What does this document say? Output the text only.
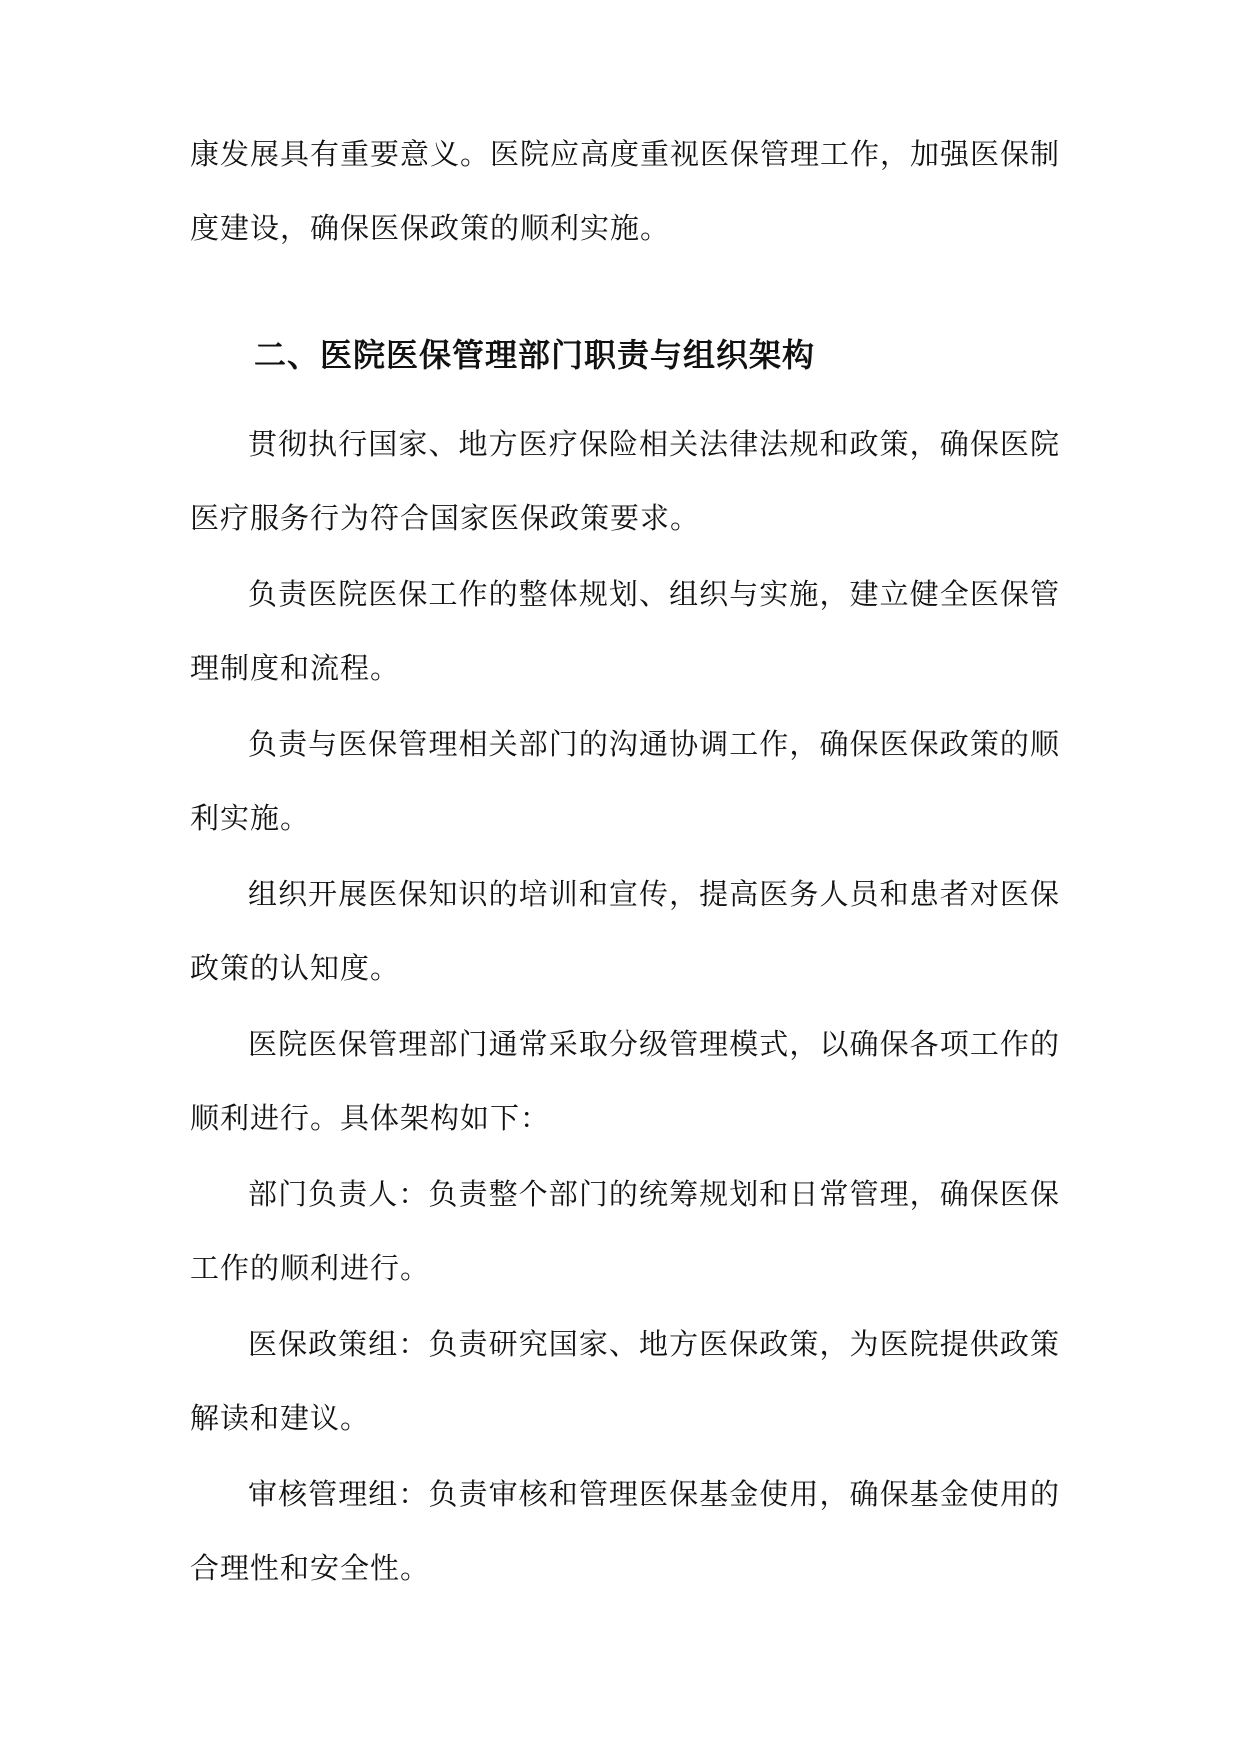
康发展具有重要意义。医院应高度重视医保管理工作，加强医保制度建设，确保医保政策的顺利实施。

二、医院医保管理部门职责与组织架构

贯彻执行国家、地方医疗保险相关法律法规和政策，确保医院医疗服务行为符合国家医保政策要求。

负责医院医保工作的整体规划、组织与实施，建立健全医保管理制度和流程。

负责与医保管理相关部门的沟通协调工作，确保医保政策的顺利实施。

组织开展医保知识的培训和宣传，提高医务人员和患者对医保政策的认知度。

医院医保管理部门通常采取分级管理模式，以确保各项工作的顺利进行。具体架构如下：

部门负责人：负责整个部门的统筹规划和日常管理，确保医保工作的顺利进行。

医保政策组：负责研究国家、地方医保政策，为医院提供政策解读和建议。

审核管理组：负责审核和管理医保基金使用，确保基金使用的合理性和安全性。
